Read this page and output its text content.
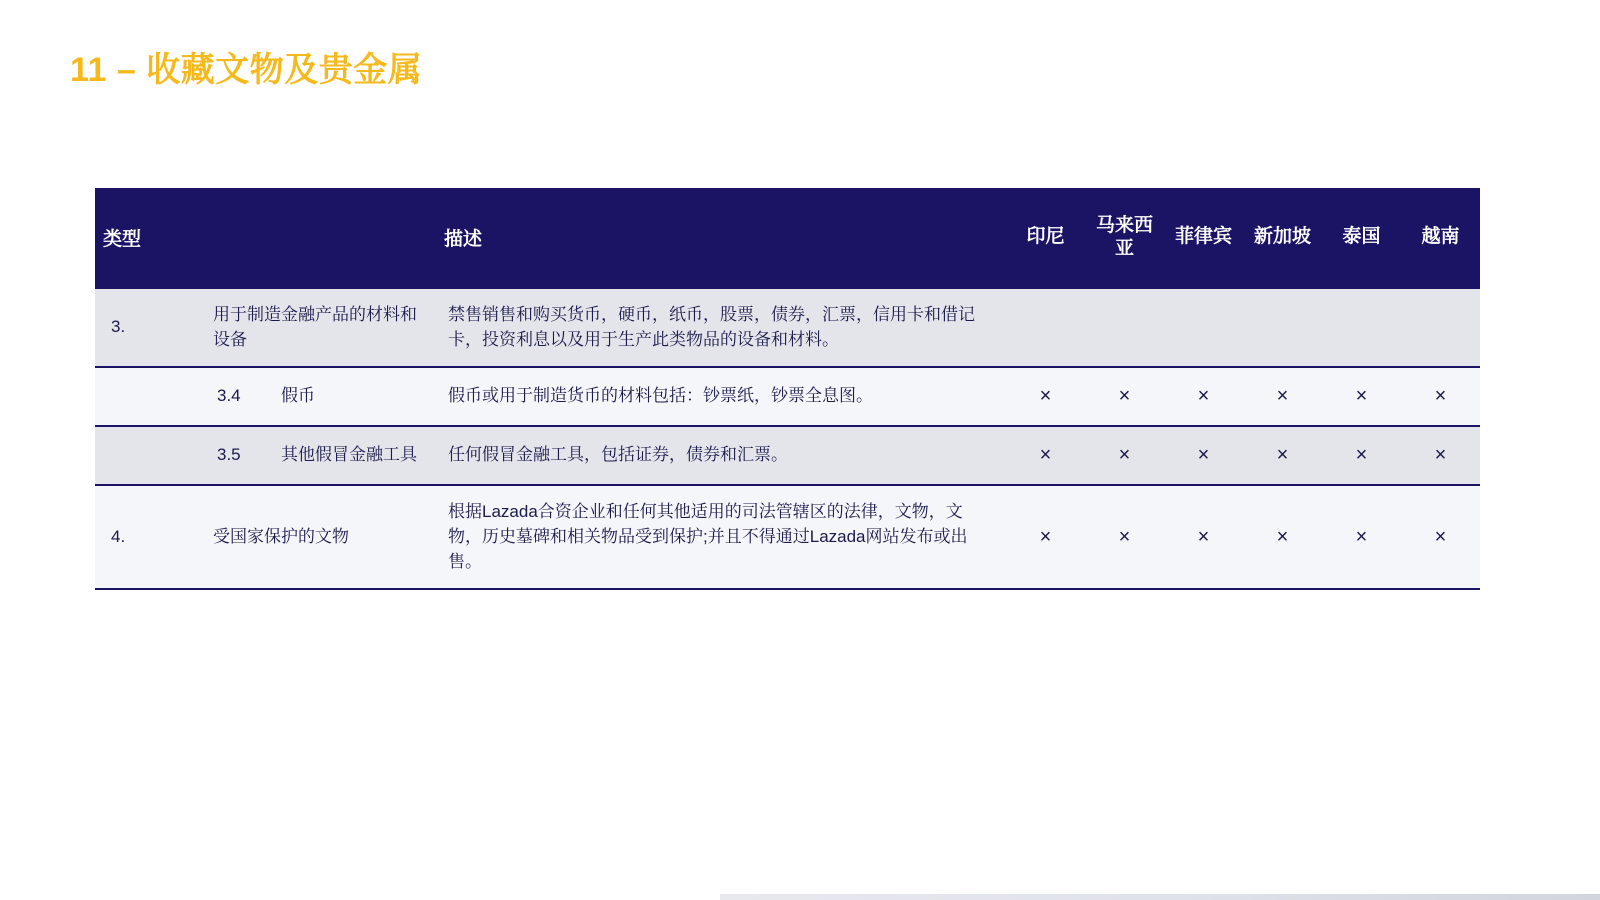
11 – 收藏文物及贵金属
类型			描述	印尼	马来西亚	菲律宾	新加坡	泰国	越南
3.		用于制造金融产品的材料和设备	禁售销售和购买货币，硬币，纸币，股票，债券，汇票，信用卡和借记卡，投资利息以及用于生产此类物品的设备和材料。						
	3.4	假币	假币或用于制造货币的材料包括：钞票纸，钞票全息图。	×	×	×	×	×	×
	3.5	其他假冒金融工具	任何假冒金融工具，包括证券，债券和汇票。	×	×	×	×	×	×
4.		受国家保护的文物	根据Lazada合资企业和任何其他适用的司法管辖区的法律，文物，文物，历史墓碑和相关物品受到保护;并且不得通过Lazada网站发布或出售。	×	×	×	×	×	×
